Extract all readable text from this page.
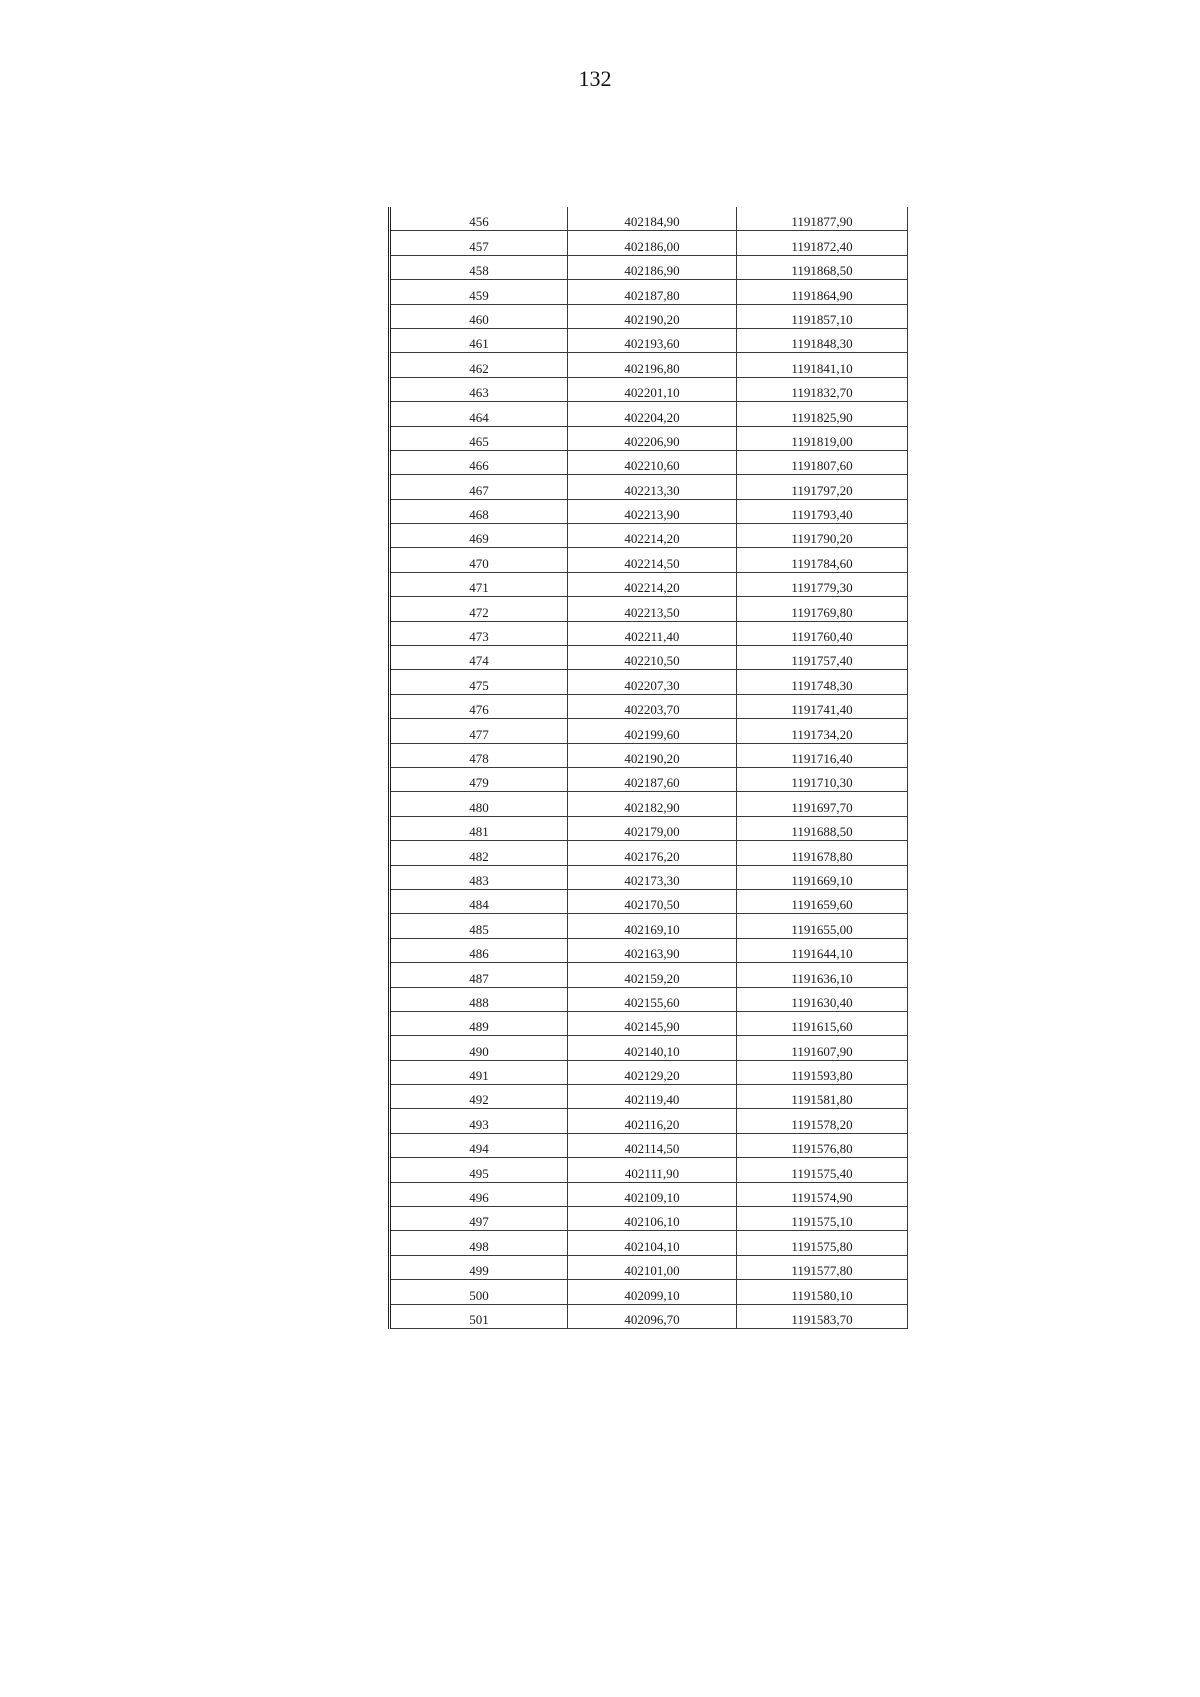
132
456	402184,90	1191877,90
457	402186,00	1191872,40
458	402186,90	1191868,50
459	402187,80	1191864,90
460	402190,20	1191857,10
461	402193,60	1191848,30
462	402196,80	1191841,10
463	402201,10	1191832,70
464	402204,20	1191825,90
465	402206,90	1191819,00
466	402210,60	1191807,60
467	402213,30	1191797,20
468	402213,90	1191793,40
469	402214,20	1191790,20
470	402214,50	1191784,60
471	402214,20	1191779,30
472	402213,50	1191769,80
473	402211,40	1191760,40
474	402210,50	1191757,40
475	402207,30	1191748,30
476	402203,70	1191741,40
477	402199,60	1191734,20
478	402190,20	1191716,40
479	402187,60	1191710,30
480	402182,90	1191697,70
481	402179,00	1191688,50
482	402176,20	1191678,80
483	402173,30	1191669,10
484	402170,50	1191659,60
485	402169,10	1191655,00
486	402163,90	1191644,10
487	402159,20	1191636,10
488	402155,60	1191630,40
489	402145,90	1191615,60
490	402140,10	1191607,90
491	402129,20	1191593,80
492	402119,40	1191581,80
493	402116,20	1191578,20
494	402114,50	1191576,80
495	402111,90	1191575,40
496	402109,10	1191574,90
497	402106,10	1191575,10
498	402104,10	1191575,80
499	402101,00	1191577,80
500	402099,10	1191580,10
501	402096,70	1191583,70
